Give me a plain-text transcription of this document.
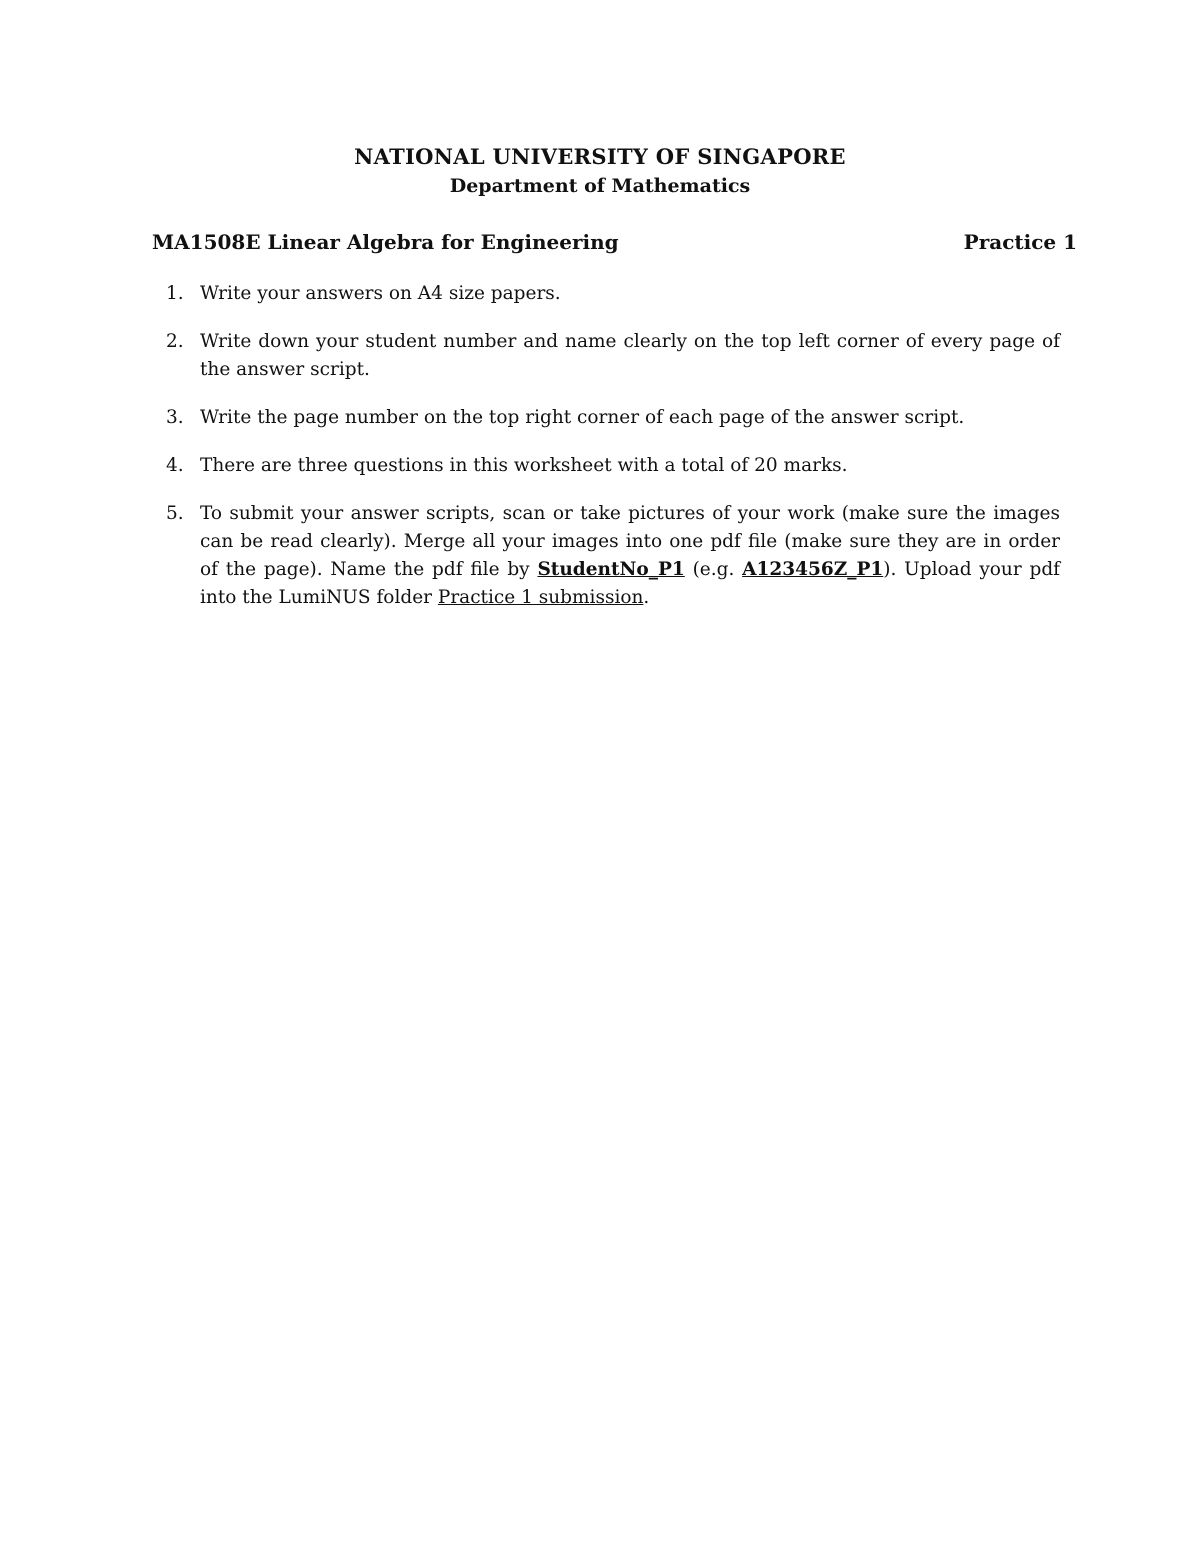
NATIONAL UNIVERSITY OF SINGAPORE
Department of Mathematics
MA1508E Linear Algebra for Engineering	Practice 1
1. Write your answers on A4 size papers.
2. Write down your student number and name clearly on the top left corner of every page of the answer script.
3. Write the page number on the top right corner of each page of the answer script.
4. There are three questions in this worksheet with a total of 20 marks.
5. To submit your answer scripts, scan or take pictures of your work (make sure the images can be read clearly). Merge all your images into one pdf file (make sure they are in order of the page). Name the pdf file by StudentNo_P1 (e.g. A123456Z_P1). Upload your pdf into the LumiNUS folder Practice 1 submission.
